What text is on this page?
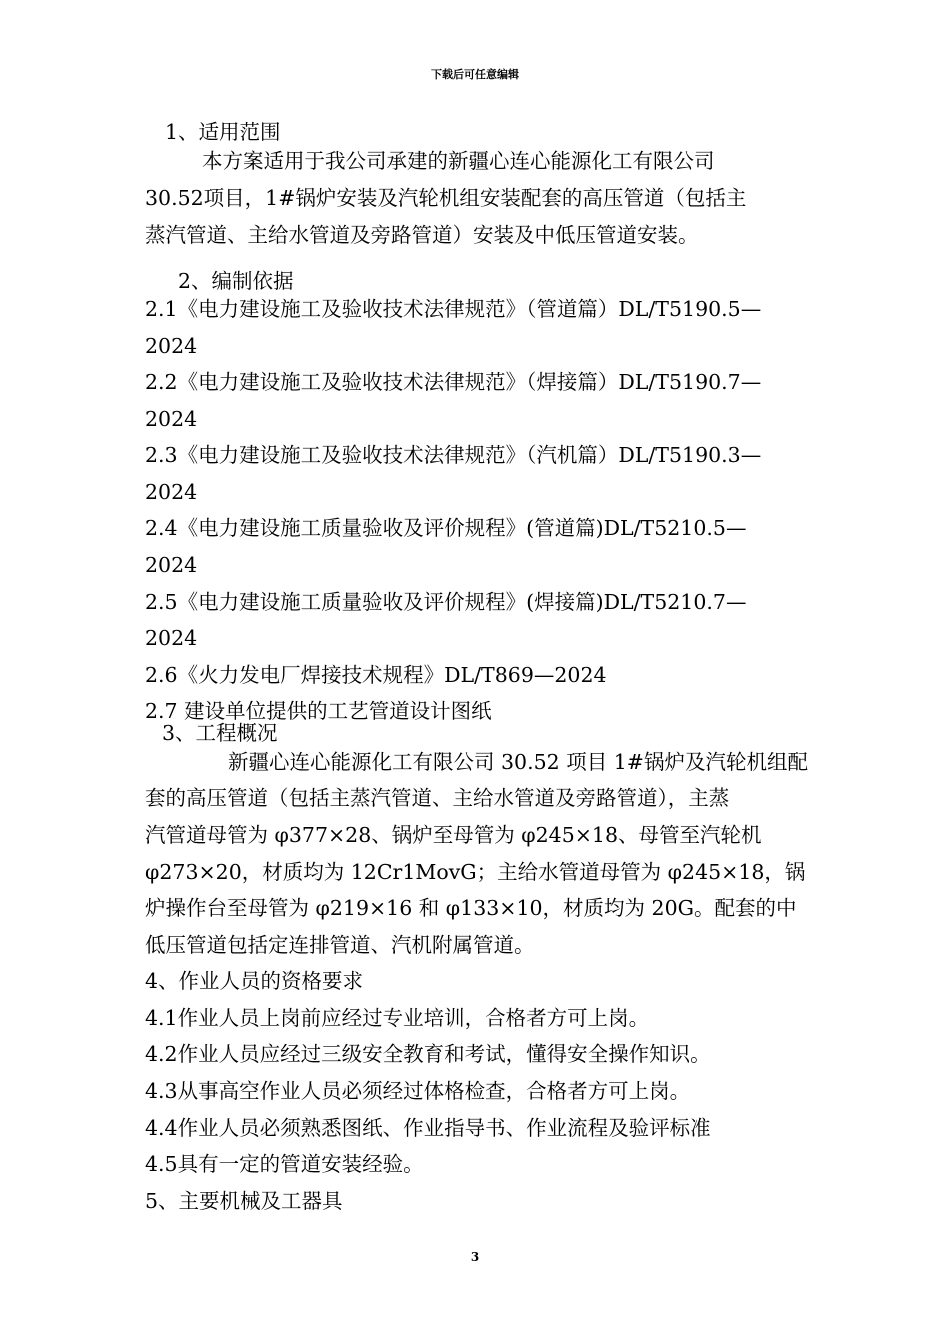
下载后可任意编辑
1、适用范围
本方案适用于我公司承建的新疆心连心能源化工有限公司
30.52项目，1#锅炉安装及汽轮机组安装配套的高压管道（包括主
蒸汽管道、主给水管道及旁路管道）安装及中低压管道安装。
2、编制依据
2.1《电力建设施工及验收技术法律规范》（管道篇）DL/T5190.5—
2024
2.2《电力建设施工及验收技术法律规范》（焊接篇）DL/T5190.7—
2024
2.3《电力建设施工及验收技术法律规范》（汽机篇）DL/T5190.3—
2024
2.4《电力建设施工质量验收及评价规程》(管道篇)DL/T5210.5—
2024
2.5《电力建设施工质量验收及评价规程》(焊接篇)DL/T5210.7—
2024
2.6《火力发电厂焊接技术规程》DL/T869—2024
2.7 建设单位提供的工艺管道设计图纸
3、工程概况
新疆心连心能源化工有限公司 30.52 项目 1#锅炉及汽轮机组配
套的高压管道（包括主蒸汽管道、主给水管道及旁路管道），主蒸
汽管道母管为 φ377×28、锅炉至母管为 φ245×18、母管至汽轮机
φ273×20，材质均为 12Cr1MovG；主给水管道母管为 φ245×18，锅
炉操作台至母管为 φ219×16 和 φ133×10，材质均为 20G。配套的中
低压管道包括定连排管道、汽机附属管道。
4、作业人员的资格要求
4.1作业人员上岗前应经过专业培训，合格者方可上岗。
4.2作业人员应经过三级安全教育和考试，懂得安全操作知识。
4.3从事高空作业人员必须经过体格检查，合格者方可上岗。
4.4作业人员必须熟悉图纸、作业指导书、作业流程及验评标准
4.5具有一定的管道安装经验。
5、主要机械及工器具
3
